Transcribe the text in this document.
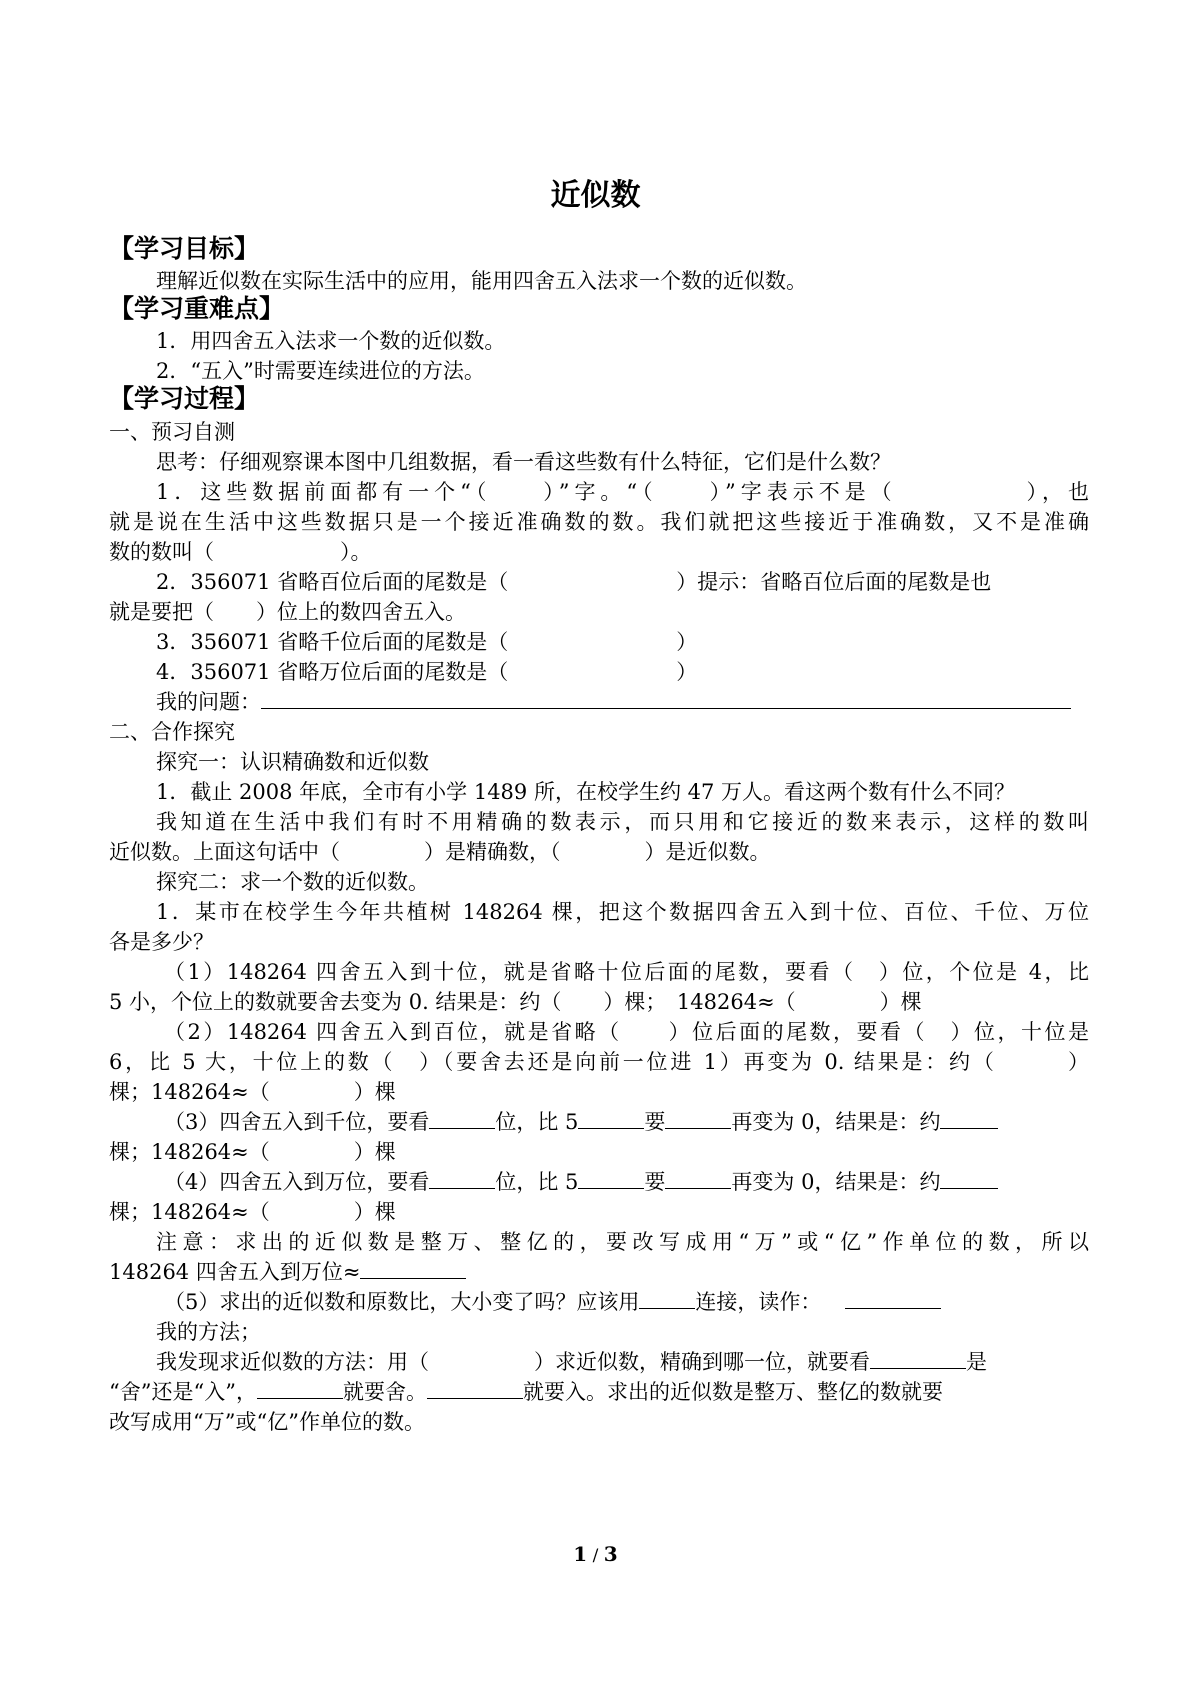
近似数
【学习目标】
理解近似数在实际生活中的应用，能用四舍五入法求一个数的近似数。
【学习重难点】
1．用四舍五入法求一个数的近似数。
2．“五入”时需要连续进位的方法。
【学习过程】
一、预习自测
思考：仔细观察课本图中几组数据，看一看这些数有什么特征，它们是什么数？
1．这些数据前面都有一个“（　　）”字。“（　　）”字表示不是（　　　　　），也
就是说在生活中这些数据只是一个接近准确数的数。我们就把这些接近于准确数，又不是准确
数的数叫（　　　　　　）。
2．356071 省略百位后面的尾数是（　　　　　　　　）提示：省略百位后面的尾数是也
就是要把（　　）位上的数四舍五入。
3．356071 省略千位后面的尾数是（　　　　　　　　）
4．356071 省略万位后面的尾数是（　　　　　　　　）
我的问题：
二、合作探究
探究一：认识精确数和近似数
1．截止 2008 年底，全市有小学 1489 所，在校学生约 47 万人。看这两个数有什么不同？
我知道在生活中我们有时不用精确的数表示，而只用和它接近的数来表示，这样的数叫
近似数。上面这句话中（　　　　）是精确数，（　　　　）是近似数。
探究二：求一个数的近似数。
1．某市在校学生今年共植树 148264 棵，把这个数据四舍五入到十位、百位、千位、万位
各是多少？
（1）148264 四舍五入到十位，就是省略十位后面的尾数，要看（　）位，个位是 4，比
5 小，个位上的数就要舍去变为 0. 结果是：约（　　）棵；　148264≈（　　　　）棵
（2）148264 四舍五入到百位，就是省略（　　）位后面的尾数，要看（　）位，十位是
6，比 5 大，十位上的数（　）（要舍去还是向前一位进 1）再变为 0. 结果是：约（　　　）
棵；148264≈（　　　　）棵
（3）四舍五入到千位，要看	位，比 5	要	再变为 0，结果是：约
棵；148264≈（　　　　）棵
（4）四舍五入到万位，要看	位，比 5	要	再变为 0，结果是：约
棵；148264≈（　　　　）棵
注意：求出的近似数是整万、整亿的，要改写成用“万”或“亿”作单位的数，所以
148264 四舍五入到万位≈
（5）求出的近似数和原数比，大小变了吗？应该用	连接，读作：
我的方法；
我发现求近似数的方法：用（　　　　　）求近似数，精确到哪一位，就要看	是
“舍”还是“入”，	就要舍。	就要入。求出的近似数是整万、整亿的数就要
改写成用“万”或“亿”作单位的数。
1 / 3
